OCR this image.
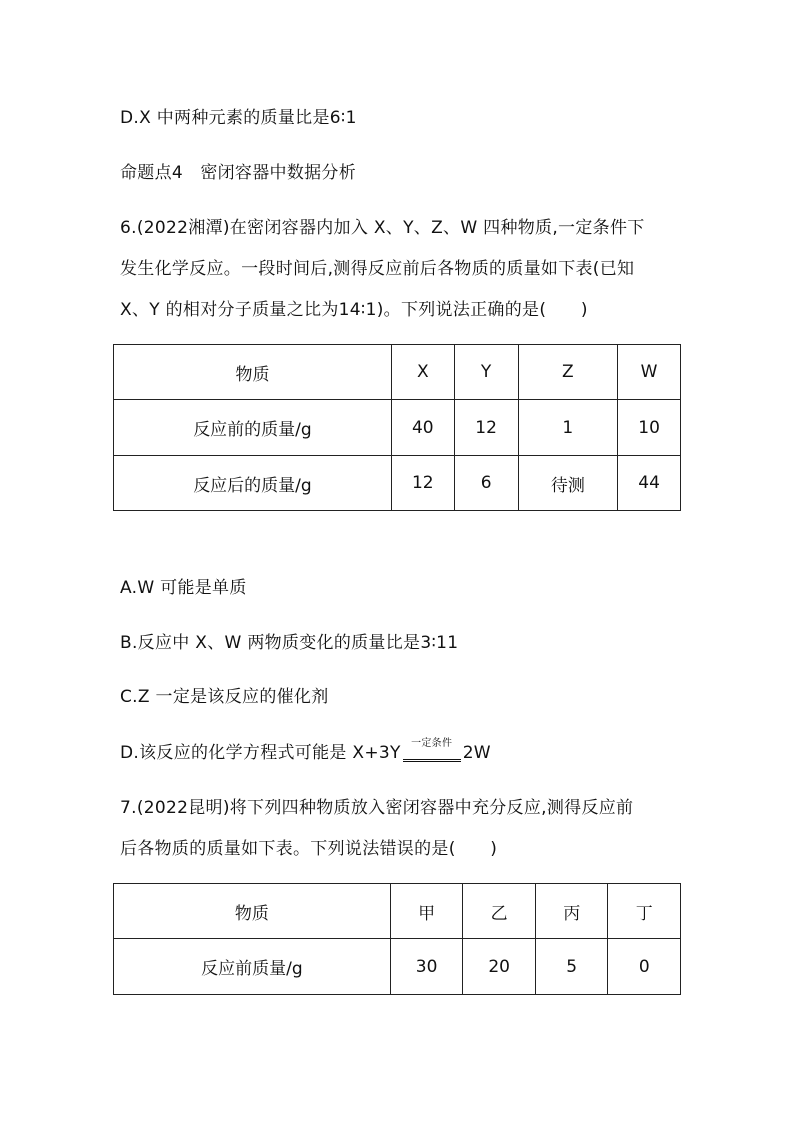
D.X 中两种元素的质量比是6∶1
命题点4　密闭容器中数据分析
6.(2022湘潭)在密闭容器内加入 X、Y、Z、W 四种物质,一定条件下
发生化学反应。一段时间后,测得反应前后各物质的质量如下表(已知
X、Y 的相对分子质量之比为14∶1)。下列说法正确的是(　　)
物质	X	Y	Z	W
反应前的质量/g	40	12	1	10
反应后的质量/g	12	6	待测	44
A.W 可能是单质
B.反应中 X、W 两物质变化的质量比是3∶11
C.Z 一定是该反应的催化剂
D.该反应的化学方程式可能是 X+3Y	一定条件 2W
7.(2022昆明)将下列四种物质放入密闭容器中充分反应,测得反应前
后各物质的质量如下表。下列说法错误的是(　　)
物质	甲	乙	丙	丁
反应前质量/g	30	20	5	0
